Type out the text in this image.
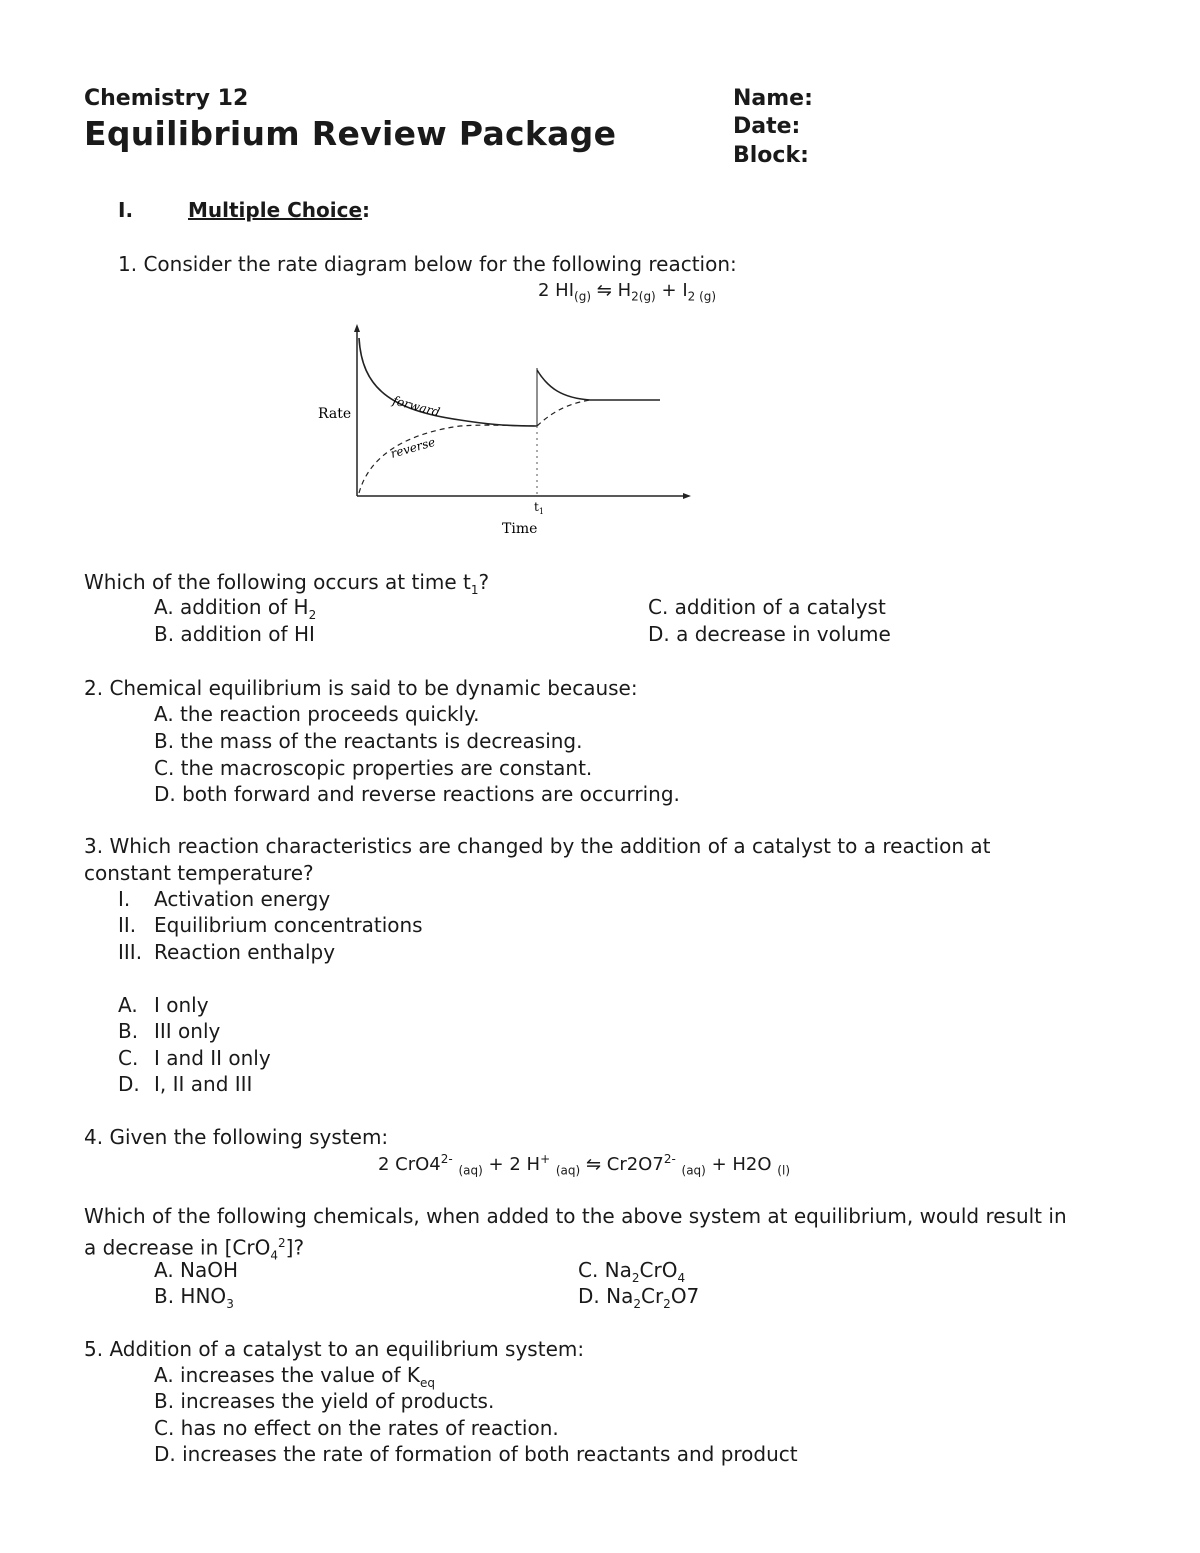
Chemistry 12
Equilibrium Review Package
Name:
Date:
Block:
I.	Multiple Choice:
1. Consider the rate diagram below for the following reaction:
2 $HI_{(g)}$ ⇋ $H_{2(g)} + I_{2 (g)}$
Rate
Time
$t_1$
forward
reverse
Which of the following occurs at time $t_1$?
A. addition of $H_2$
B. addition of HI
C. addition of a catalyst
D. a decrease in volume
2. Chemical equilibrium is said to be dynamic because:
A. the reaction proceeds quickly.
B. the mass of the reactants is decreasing.
C. the macroscopic properties are constant.
D. both forward and reverse reactions are occurring.
3. Which reaction characteristics are changed by the addition of a catalyst to a reaction at
constant temperature?
I. Activation energy
II. Equilibrium concentrations
III. Reaction enthalpy
A. I only
B. III only
C. I and II only
D. I, II and III
4. Given the following system:
2 $CrO4^{2-}$ $_{(aq)}$ + 2 H+ $_{(aq)}$ ⇋ $Cr2O7^{2-}$ $_{(aq)}$ + H2O $_{(l)}$
Which of the following chemicals, when added to the above system at equilibrium, would result in
a decrease in [CrO$_4^2$]?
A. NaOH
B. $HNO_3$
C. $Na_2CrO_4$
D. $Na_2Cr_2O7$
5. Addition of a catalyst to an equilibrium system:
A. increases the value of $K_{eq}$
B. increases the yield of products.
C. has no effect on the rates of reaction.
D. increases the rate of formation of both reactants and product
